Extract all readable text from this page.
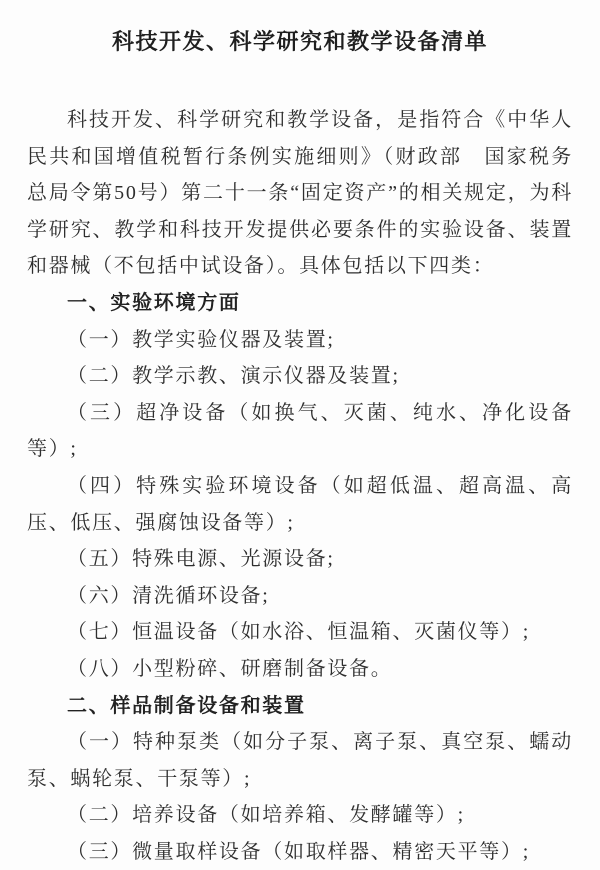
科技开发、科学研究和教学设备清单

科技开发、科学研究和教学设备，是指符合《中华人民共和国增值税暂行条例实施细则》（财政部　国家税务总局令第50号）第二十一条“固定资产”的相关规定，为科学研究、教学和科技开发提供必要条件的实验设备、装置和器械（不包括中试设备）。具体包括以下四类：

一、实验环境方面

（一）教学实验仪器及装置;

（二）教学示教、演示仪器及装置;

（三）超净设备（如换气、灭菌、纯水、净化设备等）;

（四）特殊实验环境设备（如超低温、超高温、高压、低压、强腐蚀设备等）;

（五）特殊电源、光源设备;

（六）清洗循环设备;

（七）恒温设备（如水浴、恒温箱、灭菌仪等）;

（八）小型粉碎、研磨制备设备。

二、样品制备设备和装置

（一）特种泵类（如分子泵、离子泵、真空泵、蠕动泵、蜗轮泵、干泵等）;

（二）培养设备（如培养箱、发酵罐等）;

（三）微量取样设备（如取样器、精密天平等）;
